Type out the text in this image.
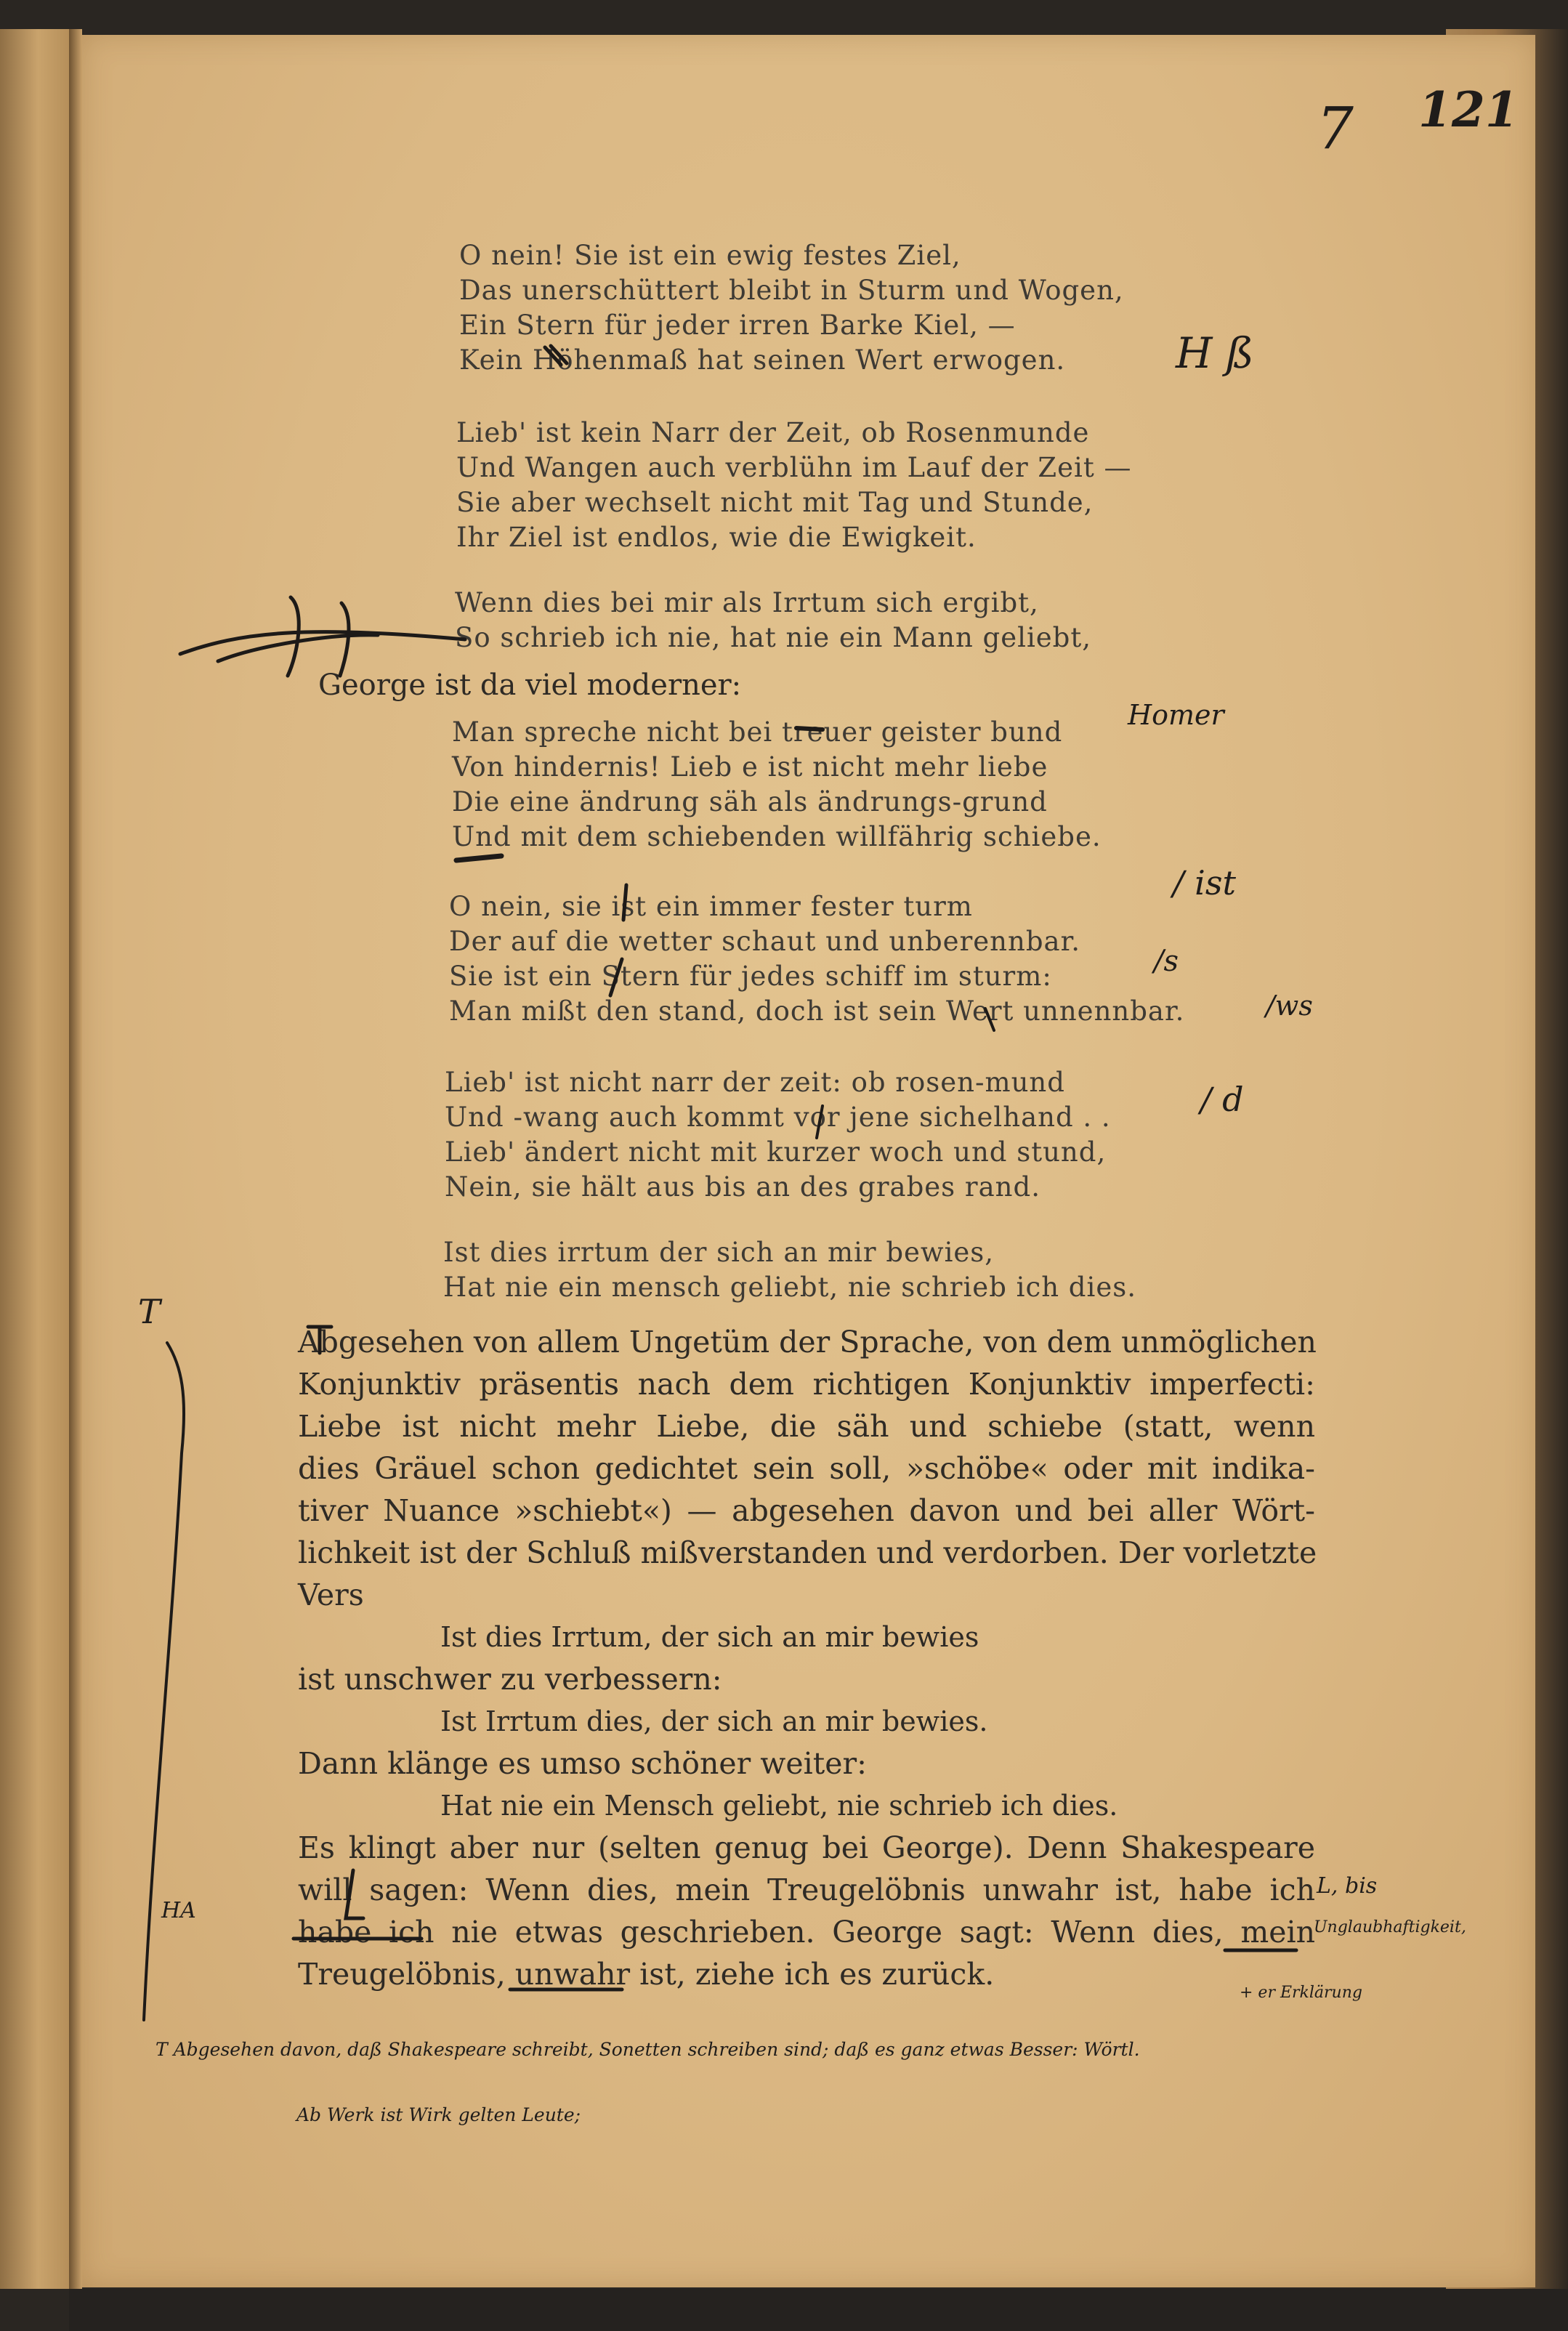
121
7
O nein! Sie ist ein ewig festes Ziel,
Das unerschüttert bleibt in Sturm und Wogen,
Ein Stern für jeder irren Barke Kiel, —
Kein Höhenmaß hat seinen Wert erwogen.
Lieb' ist kein Narr der Zeit, ob Rosenmunde
Und Wangen auch verblühn im Lauf der Zeit —
Sie aber wechselt nicht mit Tag und Stunde,
Ihr Ziel ist endlos, wie die Ewigkeit.
Wenn dies bei mir als Irrtum sich ergibt,
So schrieb ich nie, hat nie ein Mann geliebt,
George ist da viel moderner:
Man spreche nicht bei treuer geister bund
Von hindernis! Lieb e ist nicht mehr liebe
Die eine ändrung säh als ändrungs-grund
Und mit dem schiebenden willfährig schiebe.
O nein, sie ist ein immer fester turm
Der auf die wetter schaut und unberennbar.
Sie ist ein Stern für jedes schiff im sturm:
Man mißt den stand, doch ist sein Wert unnennbar.
Lieb' ist nicht narr der zeit: ob rosen-mund
Und -wang auch kommt vor jene sichelhand . .
Lieb' ändert nicht mit kurzer woch und stund,
Nein, sie hält aus bis an des grabes rand.
Ist dies irrtum der sich an mir bewies,
Hat nie ein mensch geliebt, nie schrieb ich dies.
Abgesehen von allem Ungetüm der Sprache, von dem unmöglichen
Konjunktiv präsentis nach dem richtigen Konjunktiv imperfecti:
Liebe ist nicht mehr Liebe, die säh und schiebe (statt, wenn
dies Gräuel schon gedichtet sein soll, »schöbe« oder mit indika-
tiver Nuance »schiebt«) — abgesehen davon und bei aller Wört-
lichkeit ist der Schluß mißverstanden und verdorben. Der vorletzte
Vers
Ist dies Irrtum, der sich an mir bewies
ist unschwer zu verbessern:
Ist Irrtum dies, der sich an mir bewies.
Dann klänge es umso schöner weiter:
Hat nie ein Mensch geliebt, nie schrieb ich dies.
Es klingt aber nur (selten genug bei George). Denn Shakespeare
will sagen: Wenn dies, mein Treugelöbnis unwahr ist, habe ich
habe ich nie etwas geschrieben. George sagt: Wenn dies, mein
Treugelöbnis, unwahr ist, ziehe ich es zurück.
H ß
Homer
/ ist
/s
/ws
/ d
T
HA
L, bis
Unglaubhaftigkeit,
+ er Erklärung
T Abgesehen davon, daß Shakespeare schreibt, Sonetten schreiben sind; daß es ganz etwas Besser: Wörtl.
Ab Werk ist Wirk gelten Leute;
